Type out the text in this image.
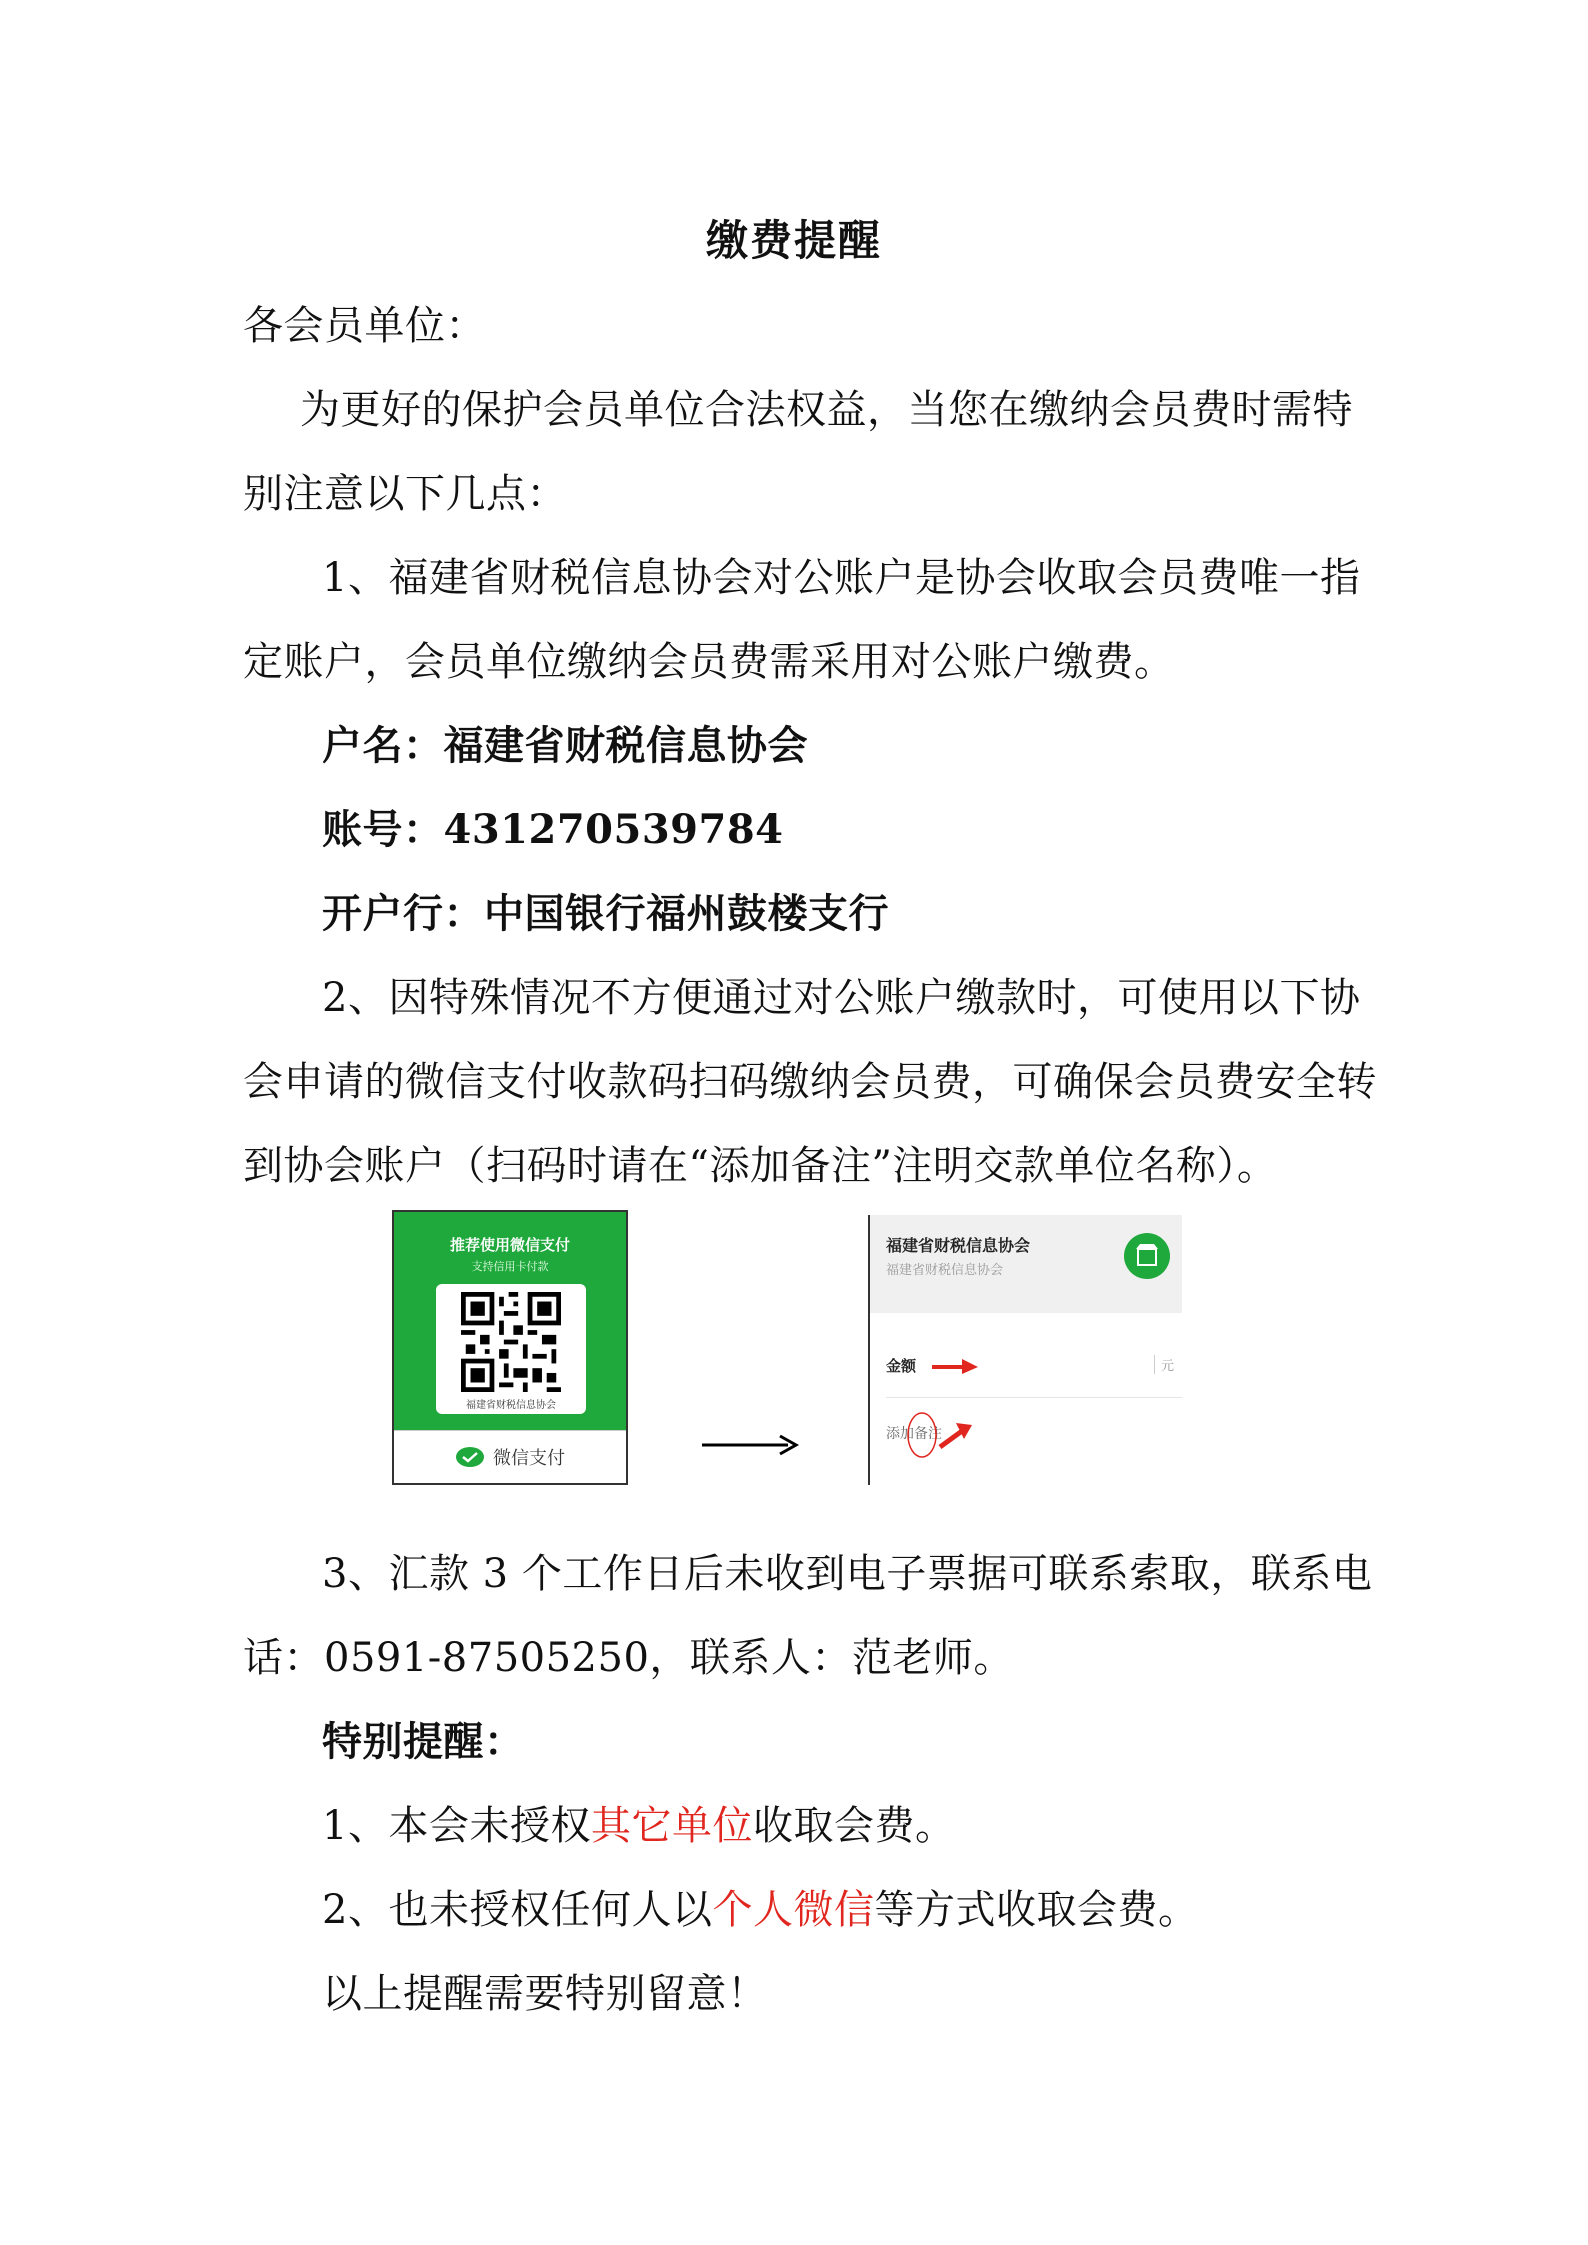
缴费提醒
各会员单位：
为更好的保护会员单位合法权益，当您在缴纳会员费时需特
别注意以下几点：
1、福建省财税信息协会对公账户是协会收取会员费唯一指
定账户，会员单位缴纳会员费需采用对公账户缴费。
户名：福建省财税信息协会
账号：431270539784
开户行：中国银行福州鼓楼支行
2、因特殊情况不方便通过对公账户缴款时，可使用以下协
会申请的微信支付收款码扫码缴纳会员费，可确保会员费安全转
到协会账户（扫码时请在“添加备注”注明交款单位名称）。
推荐使用微信支付
支持信用卡付款
福建省财税信息协会
微信支付
福建省财税信息协会
福建省财税信息协会
金额	元
添加备注
3、汇款 3 个工作日后未收到电子票据可联系索取，联系电
话：0591-87505250，联系人：范老师。
特别提醒：
1、本会未授权其它单位收取会费。
2、也未授权任何人以个人微信等方式收取会费。
以上提醒需要特别留意！
